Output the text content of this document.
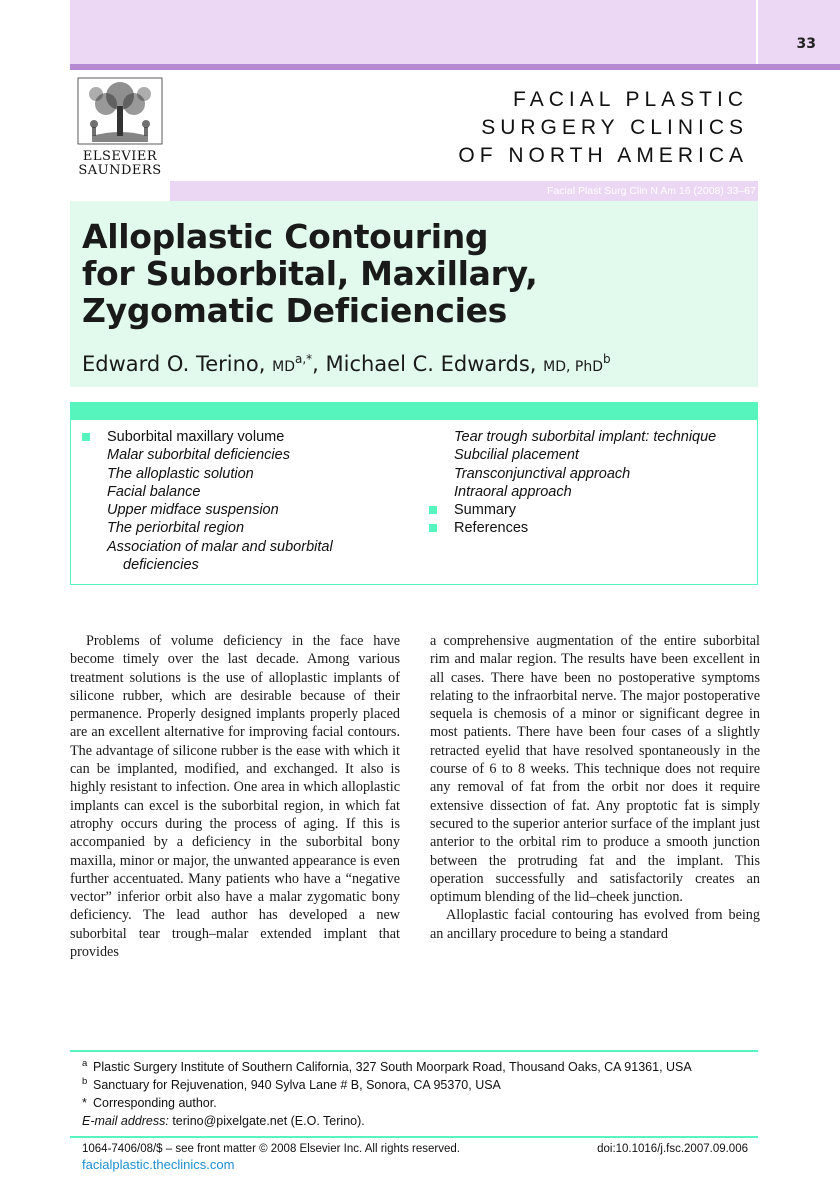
33
ELSEVIER
SAUNDERS
FACIAL PLASTIC
SURGERY CLINICS
OF NORTH AMERICA
Facial Plast Surg Clin N Am 16 (2008) 33–67
Alloplastic Contouring
for Suborbital, Maxillary,
Zygomatic Deficiencies
Edward O. Terino, $MD^{a,*}$, Michael C. Edwards, MD, PhD$^b$
Suborbital maxillary volume
Malar suborbital deficiencies
The alloplastic solution
Facial balance
Upper midface suspension
The periorbital region
Association of malar and suborbital
deficiencies
Tear trough suborbital implant: technique
Subcilial placement
Transconjunctival approach
Intraoral approach
Summary
References

Problems of volume deficiency in the face have become timely over the last decade. Among various treatment solutions is the use of alloplastic implants of silicone rubber, which are desirable because of their permanence. Properly designed implants properly placed are an excellent alternative for improving facial contours. The advantage of silicone rubber is the ease with which it can be implanted, modified, and exchanged. It also is highly resistant to infection. One area in which alloplastic implants can excel is the suborbital region, in which fat atrophy occurs during the process of aging. If this is accompanied by a deficiency in the suborbital bony maxilla, minor or major, the unwanted appearance is even further accentuated. Many patients who have a “negative vector” inferior orbit also have a malar zygomatic bony deficiency. The lead author has developed a new suborbital tear trough–malar extended implant that provides

a comprehensive augmentation of the entire suborbital rim and malar region. The results have been excellent in all cases. There have been no postoperative symptoms relating to the infraorbital nerve. The major postoperative sequela is chemosis of a minor or significant degree in most patients. There have been four cases of a slightly retracted eyelid that have resolved spontaneously in the course of 6 to 8 weeks. This technique does not require any removal of fat from the orbit nor does it require extensive dissection of fat. Any proptotic fat is simply secured to the superior anterior surface of the implant just anterior to the orbital rim to produce a smooth junction between the protruding fat and the implant. This operation successfully and satisfactorily creates an optimum blending of the lid–cheek junction.

Alloplastic facial contouring has evolved from being an ancillary procedure to being a standard

a Plastic Surgery Institute of Southern California, 327 South Moorpark Road, Thousand Oaks, CA 91361, USA
b Sanctuary for Rejuvenation, 940 Sylva Lane # B, Sonora, CA 95370, USA
* Corresponding author.
E-mail address: terino@pixelgate.net (E.O. Terino).
1064-7406/08/$ – see front matter © 2008 Elsevier Inc. All rights reserved.	doi:10.1016/j.fsc.2007.09.006
facialplastic.theclinics.com
